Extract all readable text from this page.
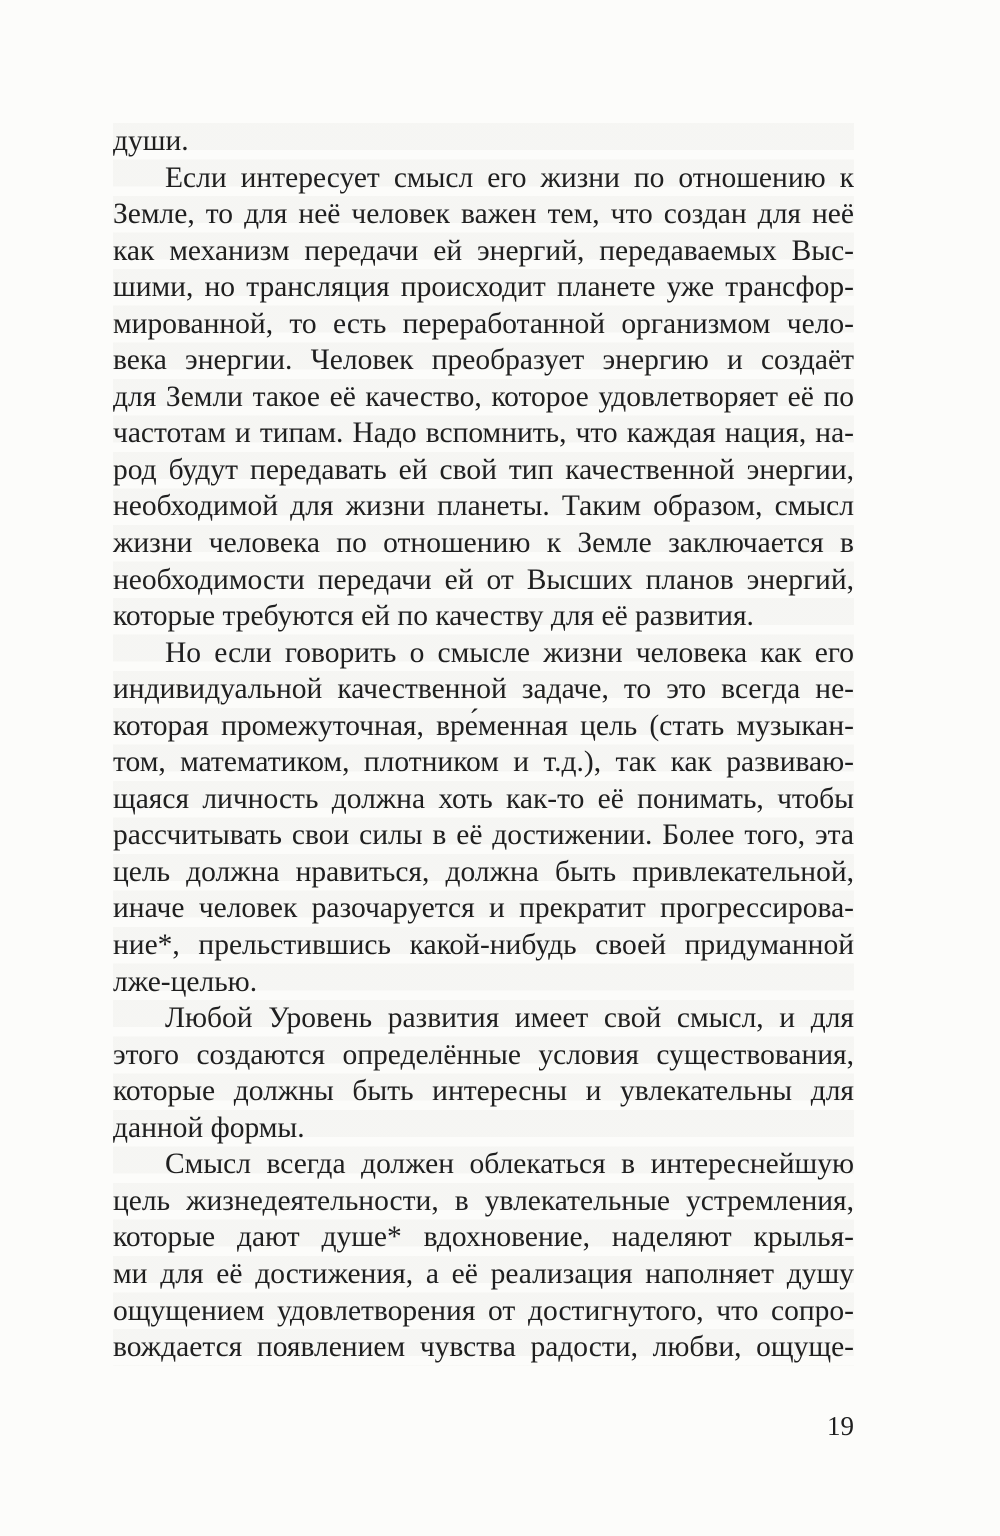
души.
Если интересует смысл его жизни по отношению к
Земле, то для неё человек важен тем, что создан для неё
как механизм передачи ей энергий, передаваемых Выс-
шими, но трансляция происходит планете уже трансфор-
мированной, то есть переработанной организмом чело-
века энергии. Человек преобразует энергию и создаёт
для Земли такое её качество, которое удовлетворяет её по
частотам и типам. Надо вспомнить, что каждая нация, на-
род будут передавать ей свой тип качественной энергии,
необходимой для жизни планеты. Таким образом, смысл
жизни человека по отношению к Земле заключается в
необходимости передачи ей от Высших планов энергий,
которые требуются ей по качеству для её развития.
Но если говорить о смысле жизни человека как его
индивидуальной качественной задаче, то это всегда не-
которая промежуточная, вре́менная цель (стать музыкан-
том, математиком, плотником и т.д.), так как развиваю-
щаяся личность должна хоть как-то её понимать, чтобы
рассчитывать свои силы в её достижении. Более того, эта
цель должна нравиться, должна быть привлекательной,
иначе человек разочаруется и прекратит прогрессирова-
ние*, прельстившись какой-нибудь своей придуманной
лже-целью.
Любой Уровень развития имеет свой смысл, и для
этого создаются определённые условия существования,
которые должны быть интересны и увлекательны для
данной формы.
Смысл всегда должен облекаться в интереснейшую
цель жизнедеятельности, в увлекательные устремления,
которые дают душе* вдохновение, наделяют крылья-
ми для её достижения, а её реализация наполняет душу
ощущением удовлетворения от достигнутого, что сопро-
вождается появлением чувства радости, любви, ощуще-
19
